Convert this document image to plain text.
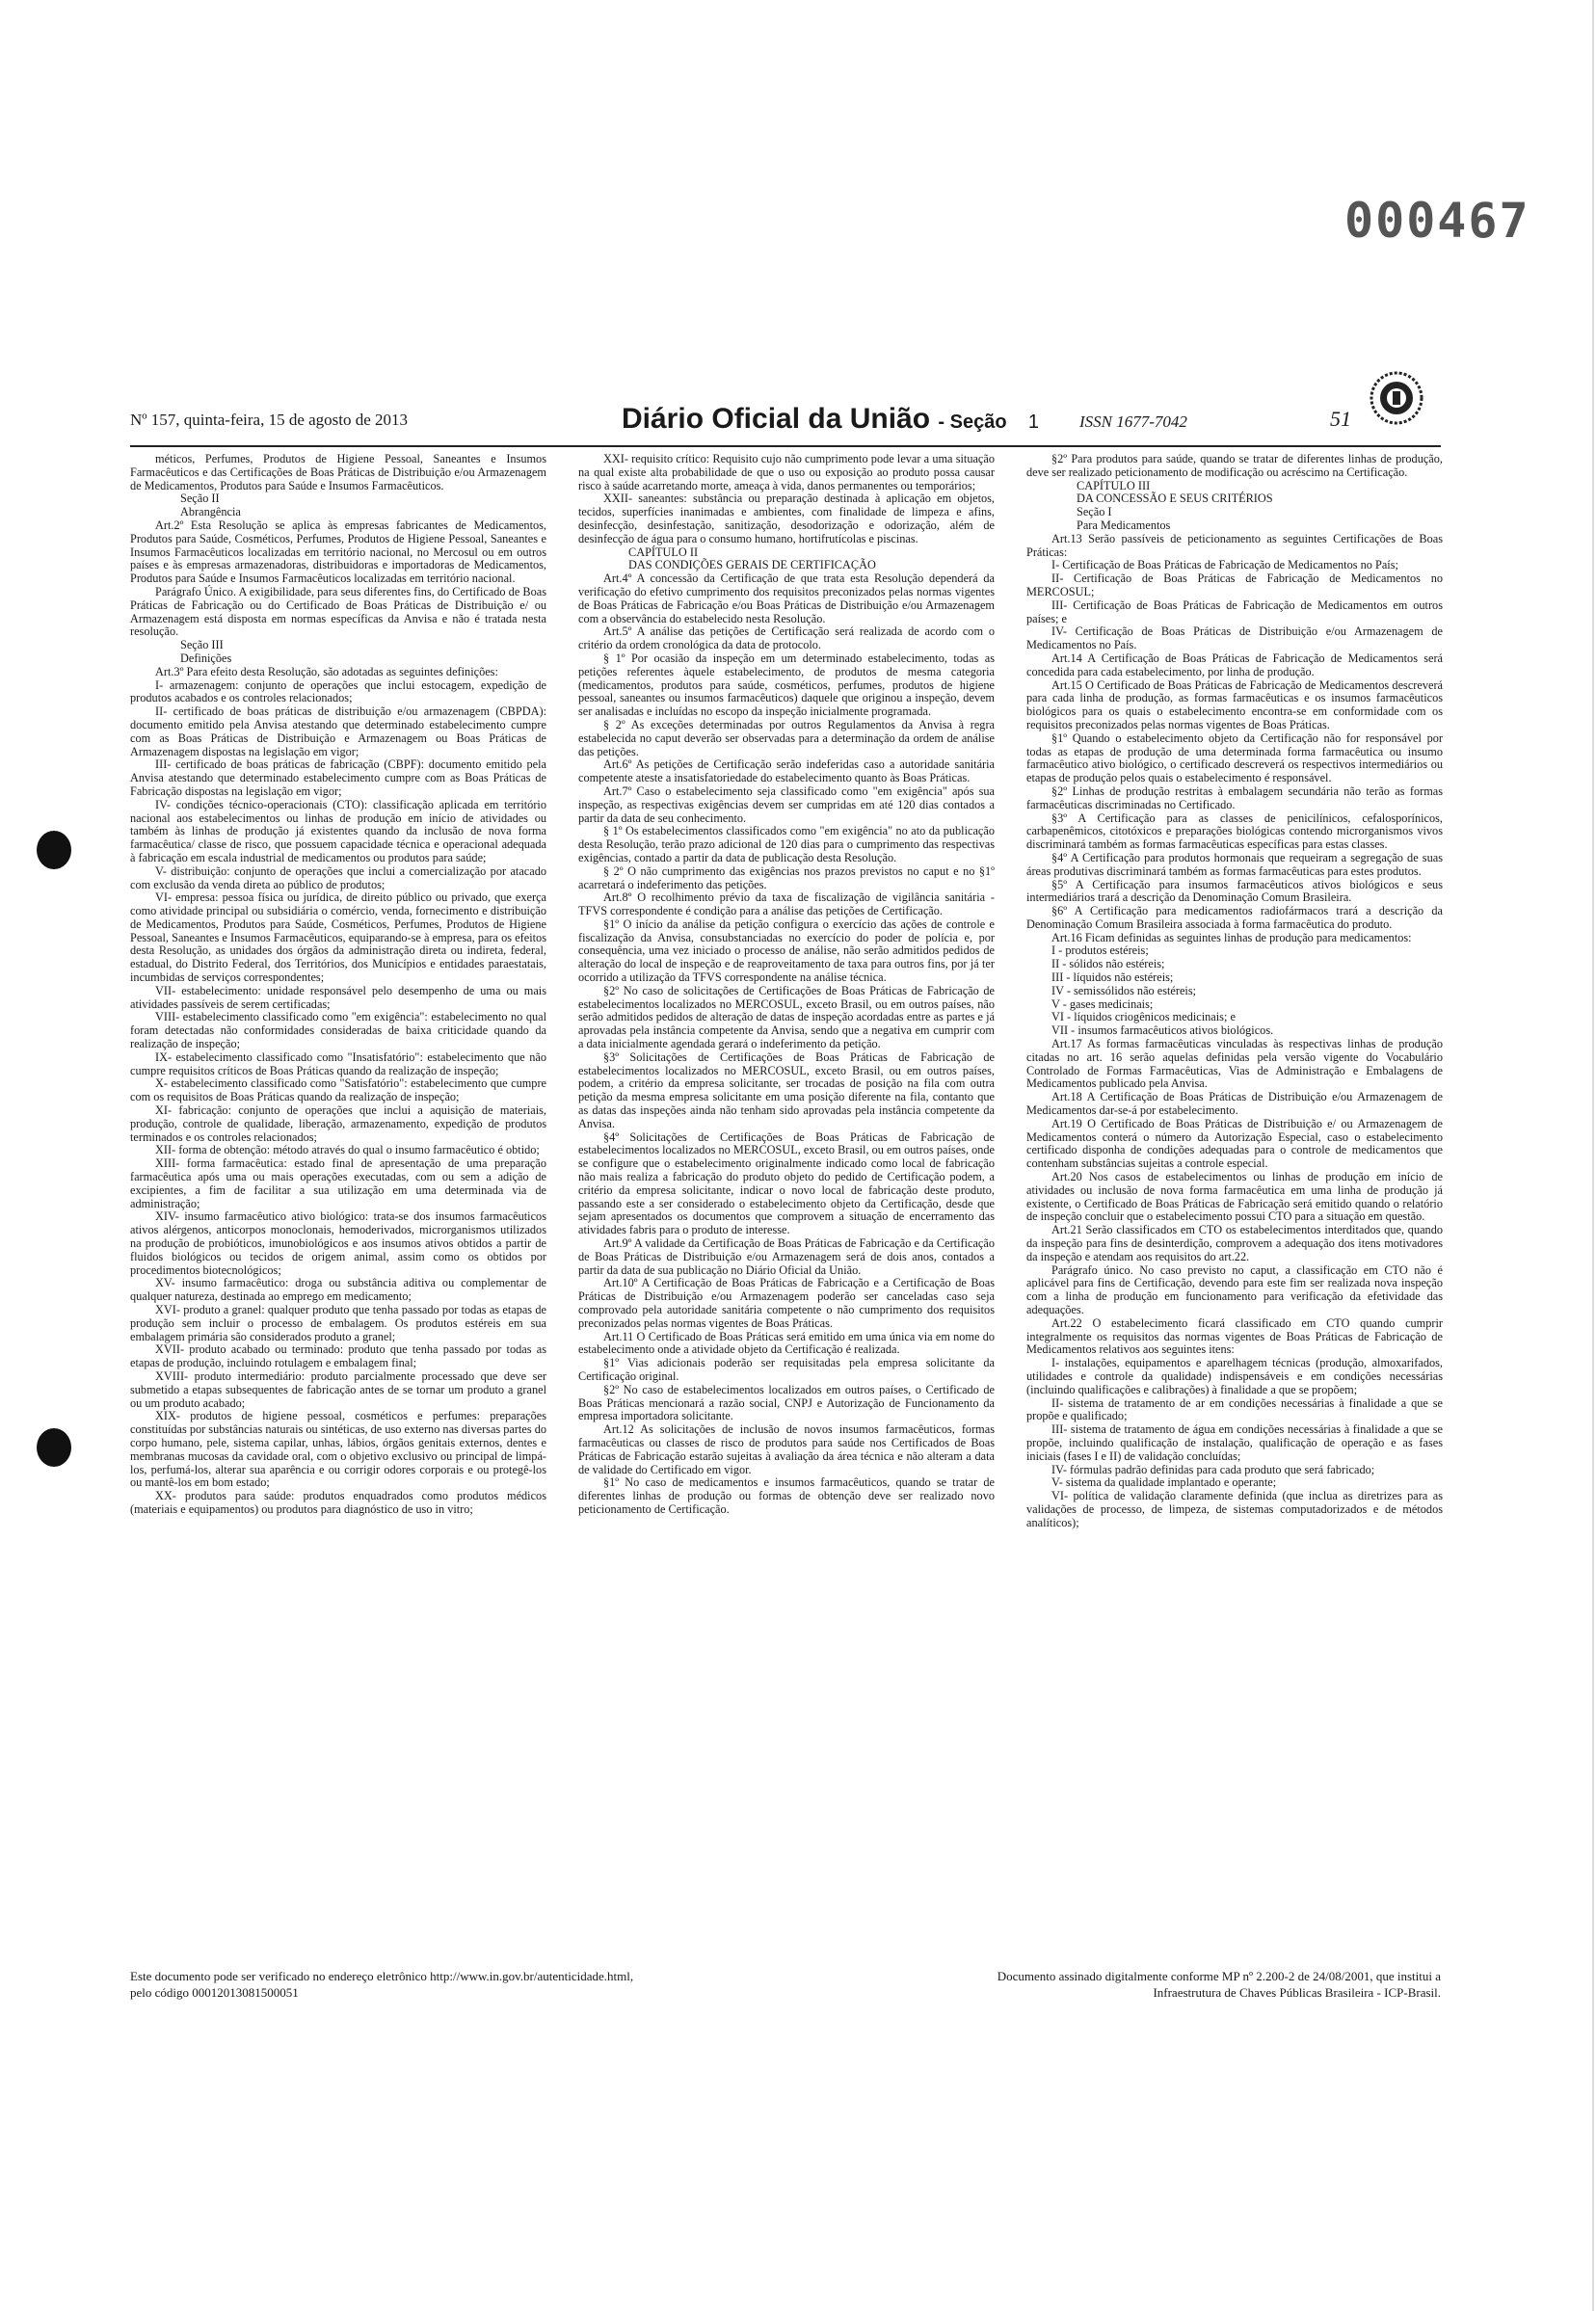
000467
Nº 157, quinta-feira, 15 de agosto de 2013	Diário Oficial da União - Seção 1 ISSN 1677-7042	51

méticos, Perfumes, Produtos de Higiene Pessoal, Saneantes e Insumos Farmacêuticos e das Certificações de Boas Práticas de Distribuição e/ou Armazenagem de Medicamentos, Produtos para Saúde e Insumos Farmacêuticos.

Seção II

Abrangência

Art.2º Esta Resolução se aplica às empresas fabricantes de Medicamentos, Produtos para Saúde, Cosméticos, Perfumes, Produtos de Higiene Pessoal, Saneantes e Insumos Farmacêuticos localizadas em território nacional, no Mercosul ou em outros países e às empresas armazenadoras, distribuidoras e importadoras de Medicamentos, Produtos para Saúde e Insumos Farmacêuticos localizadas em território nacional.

Parágrafo Único. A exigibilidade, para seus diferentes fins, do Certificado de Boas Práticas de Fabricação ou do Certificado de Boas Práticas de Distribuição e/ ou Armazenagem está disposta em normas específicas da Anvisa e não é tratada nesta resolução.

Seção III

Definições

Art.3º Para efeito desta Resolução, são adotadas as seguintes definições:

I- armazenagem: conjunto de operações que inclui estocagem, expedição de produtos acabados e os controles relacionados;

II- certificado de boas práticas de distribuição e/ou armazenagem (CBPDA): documento emitido pela Anvisa atestando que determinado estabelecimento cumpre com as Boas Práticas de Distribuição e Armazenagem ou Boas Práticas de Armazenagem dispostas na legislação em vigor;

III- certificado de boas práticas de fabricação (CBPF): documento emitido pela Anvisa atestando que determinado estabelecimento cumpre com as Boas Práticas de Fabricação dispostas na legislação em vigor;

IV- condições técnico-operacionais (CTO): classificação aplicada em território nacional aos estabelecimentos ou linhas de produção em início de atividades ou também às linhas de produção já existentes quando da inclusão de nova forma farmacêutica/ classe de risco, que possuem capacidade técnica e operacional adequada à fabricação em escala industrial de medicamentos ou produtos para saúde;

V- distribuição: conjunto de operações que inclui a comercialização por atacado com exclusão da venda direta ao público de produtos;

VI- empresa: pessoa física ou jurídica, de direito público ou privado, que exerça como atividade principal ou subsidiária o comércio, venda, fornecimento e distribuição de Medicamentos, Produtos para Saúde, Cosméticos, Perfumes, Produtos de Higiene Pessoal, Saneantes e Insumos Farmacêuticos, equiparando-se à empresa, para os efeitos desta Resolução, as unidades dos órgãos da administração direta ou indireta, federal, estadual, do Distrito Federal, dos Territórios, dos Municípios e entidades paraestatais, incumbidas de serviços correspondentes;

VII- estabelecimento: unidade responsável pelo desempenho de uma ou mais atividades passíveis de serem certificadas;

VIII- estabelecimento classificado como "em exigência": estabelecimento no qual foram detectadas não conformidades consideradas de baixa criticidade quando da realização de inspeção;

IX- estabelecimento classificado como "Insatisfatório": estabelecimento que não cumpre requisitos críticos de Boas Práticas quando da realização de inspeção;

X- estabelecimento classificado como "Satisfatório": estabelecimento que cumpre com os requisitos de Boas Práticas quando da realização de inspeção;

XI- fabricação: conjunto de operações que inclui a aquisição de materiais, produção, controle de qualidade, liberação, armazenamento, expedição de produtos terminados e os controles relacionados;

XII- forma de obtenção: método através do qual o insumo farmacêutico é obtido;

XIII- forma farmacêutica: estado final de apresentação de uma preparação farmacêutica após uma ou mais operações executadas, com ou sem a adição de excipientes, a fim de facilitar a sua utilização em uma determinada via de administração;

XIV- insumo farmacêutico ativo biológico: trata-se dos insumos farmacêuticos ativos alérgenos, anticorpos monoclonais, hemoderivados, microrganismos utilizados na produção de probióticos, imunobiológicos e aos insumos ativos obtidos a partir de fluidos biológicos ou tecidos de origem animal, assim como os obtidos por procedimentos biotecnológicos;

XV- insumo farmacêutico: droga ou substância aditiva ou complementar de qualquer natureza, destinada ao emprego em medicamento;

XVI- produto a granel: qualquer produto que tenha passado por todas as etapas de produção sem incluir o processo de embalagem. Os produtos estéreis em sua embalagem primária são considerados produto a granel;

XVII- produto acabado ou terminado: produto que tenha passado por todas as etapas de produção, incluindo rotulagem e embalagem final;

XVIII- produto intermediário: produto parcialmente processado que deve ser submetido a etapas subsequentes de fabricação antes de se tornar um produto a granel ou um produto acabado;

XIX- produtos de higiene pessoal, cosméticos e perfumes: preparações constituídas por substâncias naturais ou sintéticas, de uso externo nas diversas partes do corpo humano, pele, sistema capilar, unhas, lábios, órgãos genitais externos, dentes e membranas mucosas da cavidade oral, com o objetivo exclusivo ou principal de limpá-los, perfumá-los, alterar sua aparência e ou corrigir odores corporais e ou protegê-los ou mantê-los em bom estado;

XX- produtos para saúde: produtos enquadrados como produtos médicos (materiais e equipamentos) ou produtos para diagnóstico de uso in vitro;

XXI- requisito crítico: Requisito cujo não cumprimento pode levar a uma situação na qual existe alta probabilidade de que o uso ou exposição ao produto possa causar risco à saúde acarretando morte, ameaça à vida, danos permanentes ou temporários;

XXII- saneantes: substância ou preparação destinada à aplicação em objetos, tecidos, superfícies inanimadas e ambientes, com finalidade de limpeza e afins, desinfecção, desinfestação, sanitização, desodorização e odorização, além de desinfecção de água para o consumo humano, hortifrutícolas e piscinas.

CAPÍTULO II

DAS CONDIÇÕES GERAIS DE CERTIFICAÇÃO

Art.4º A concessão da Certificação de que trata esta Resolução dependerá da verificação do efetivo cumprimento dos requisitos preconizados pelas normas vigentes de Boas Práticas de Fabricação e/ou Boas Práticas de Distribuição e/ou Armazenagem com a observância do estabelecido nesta Resolução.

Art.5º A análise das petições de Certificação será realizada de acordo com o critério da ordem cronológica da data de protocolo.

§ 1º Por ocasião da inspeção em um determinado estabelecimento, todas as petições referentes àquele estabelecimento, de produtos de mesma categoria (medicamentos, produtos para saúde, cosméticos, perfumes, produtos de higiene pessoal, saneantes ou insumos farmacêuticos) daquele que originou a inspeção, devem ser analisadas e incluídas no escopo da inspeção inicialmente programada.

§ 2º As exceções determinadas por outros Regulamentos da Anvisa à regra estabelecida no caput deverão ser observadas para a determinação da ordem de análise das petições.

Art.6º As petições de Certificação serão indeferidas caso a autoridade sanitária competente ateste a insatisfatoriedade do estabelecimento quanto às Boas Práticas.

Art.7º Caso o estabelecimento seja classificado como "em exigência" após sua inspeção, as respectivas exigências devem ser cumpridas em até 120 dias contados a partir da data de seu conhecimento.

§ 1º Os estabelecimentos classificados como "em exigência" no ato da publicação desta Resolução, terão prazo adicional de 120 dias para o cumprimento das respectivas exigências, contado a partir da data de publicação desta Resolução.

§ 2º O não cumprimento das exigências nos prazos previstos no caput e no §1º acarretará o indeferimento das petições.

Art.8º O recolhimento prévio da taxa de fiscalização de vigilância sanitária - TFVS correspondente é condição para a análise das petições de Certificação.

§1º O início da análise da petição configura o exercício das ações de controle e fiscalização da Anvisa, consubstanciadas no exercício do poder de polícia e, por consequência, uma vez iniciado o processo de análise, não serão admitidos pedidos de alteração do local de inspeção e de reaproveitamento de taxa para outros fins, por já ter ocorrido a utilização da TFVS correspondente na análise técnica.

§2º No caso de solicitações de Certificações de Boas Práticas de Fabricação de estabelecimentos localizados no MERCOSUL, exceto Brasil, ou em outros países, não serão admitidos pedidos de alteração de datas de inspeção acordadas entre as partes e já aprovadas pela instância competente da Anvisa, sendo que a negativa em cumprir com a data inicialmente agendada gerará o indeferimento da petição.

§3º Solicitações de Certificações de Boas Práticas de Fabricação de estabelecimentos localizados no MERCOSUL, exceto Brasil, ou em outros países, podem, a critério da empresa solicitante, ser trocadas de posição na fila com outra petição da mesma empresa solicitante em uma posição diferente na fila, contanto que as datas das inspeções ainda não tenham sido aprovadas pela instância competente da Anvisa.

§4º Solicitações de Certificações de Boas Práticas de Fabricação de estabelecimentos localizados no MERCOSUL, exceto Brasil, ou em outros países, onde se configure que o estabelecimento originalmente indicado como local de fabricação não mais realiza a fabricação do produto objeto do pedido de Certificação podem, a critério da empresa solicitante, indicar o novo local de fabricação deste produto, passando este a ser considerado o estabelecimento objeto da Certificação, desde que sejam apresentados os documentos que comprovem a situação de encerramento das atividades fabris para o produto de interesse.

Art.9º A validade da Certificação de Boas Práticas de Fabricação e da Certificação de Boas Práticas de Distribuição e/ou Armazenagem será de dois anos, contados a partir da data de sua publicação no Diário Oficial da União.

Art.10º A Certificação de Boas Práticas de Fabricação e a Certificação de Boas Práticas de Distribuição e/ou Armazenagem poderão ser canceladas caso seja comprovado pela autoridade sanitária competente o não cumprimento dos requisitos preconizados pelas normas vigentes de Boas Práticas.

Art.11 O Certificado de Boas Práticas será emitido em uma única via em nome do estabelecimento onde a atividade objeto da Certificação é realizada.

§1º Vias adicionais poderão ser requisitadas pela empresa solicitante da Certificação original.

§2º No caso de estabelecimentos localizados em outros países, o Certificado de Boas Práticas mencionará a razão social, CNPJ e Autorização de Funcionamento da empresa importadora solicitante.

Art.12 As solicitações de inclusão de novos insumos farmacêuticos, formas farmacêuticas ou classes de risco de produtos para saúde nos Certificados de Boas Práticas de Fabricação estarão sujeitas à avaliação da área técnica e não alteram a data de validade do Certificado em vigor.

§1º No caso de medicamentos e insumos farmacêuticos, quando se tratar de diferentes linhas de produção ou formas de obtenção deve ser realizado novo peticionamento de Certificação.

§2º Para produtos para saúde, quando se tratar de diferentes linhas de produção, deve ser realizado peticionamento de modificação ou acréscimo na Certificação.

CAPÍTULO III

DA CONCESSÃO E SEUS CRITÉRIOS

Seção I

Para Medicamentos

Art.13 Serão passíveis de peticionamento as seguintes Certificações de Boas Práticas:

I- Certificação de Boas Práticas de Fabricação de Medicamentos no País;

II- Certificação de Boas Práticas de Fabricação de Medicamentos no MERCOSUL;

III- Certificação de Boas Práticas de Fabricação de Medicamentos em outros países; e

IV- Certificação de Boas Práticas de Distribuição e/ou Armazenagem de Medicamentos no País.

Art.14 A Certificação de Boas Práticas de Fabricação de Medicamentos será concedida para cada estabelecimento, por linha de produção.

Art.15 O Certificado de Boas Práticas de Fabricação de Medicamentos descreverá para cada linha de produção, as formas farmacêuticas e os insumos farmacêuticos biológicos para os quais o estabelecimento encontra-se em conformidade com os requisitos preconizados pelas normas vigentes de Boas Práticas.

§1º Quando o estabelecimento objeto da Certificação não for responsável por todas as etapas de produção de uma determinada forma farmacêutica ou insumo farmacêutico ativo biológico, o certificado descreverá os respectivos intermediários ou etapas de produção pelos quais o estabelecimento é responsável.

§2º Linhas de produção restritas à embalagem secundária não terão as formas farmacêuticas discriminadas no Certificado.

§3º A Certificação para as classes de penicilínicos, cefalosporínicos, carbapenêmicos, citotóxicos e preparações biológicas contendo microrganismos vivos discriminará também as formas farmacêuticas específicas para estas classes.

§4º A Certificação para produtos hormonais que requeiram a segregação de suas áreas produtivas discriminará também as formas farmacêuticas para estes produtos.

§5º A Certificação para insumos farmacêuticos ativos biológicos e seus intermediários trará a descrição da Denominação Comum Brasileira.

§6º A Certificação para medicamentos radiofármacos trará a descrição da Denominação Comum Brasileira associada à forma farmacêutica do produto.

Art.16 Ficam definidas as seguintes linhas de produção para medicamentos:

I - produtos estéreis;

II - sólidos não estéreis;

III - líquidos não estéreis;

IV - semissólidos não estéreis;

V - gases medicinais;

VI - líquidos criogênicos medicinais; e

VII - insumos farmacêuticos ativos biológicos.

Art.17 As formas farmacêuticas vinculadas às respectivas linhas de produção citadas no art. 16 serão aquelas definidas pela versão vigente do Vocabulário Controlado de Formas Farmacêuticas, Vias de Administração e Embalagens de Medicamentos publicado pela Anvisa.

Art.18 A Certificação de Boas Práticas de Distribuição e/ou Armazenagem de Medicamentos dar-se-á por estabelecimento.

Art.19 O Certificado de Boas Práticas de Distribuição e/ ou Armazenagem de Medicamentos conterá o número da Autorização Especial, caso o estabelecimento certificado disponha de condições adequadas para o controle de medicamentos que contenham substâncias sujeitas a controle especial.

Art.20 Nos casos de estabelecimentos ou linhas de produção em início de atividades ou inclusão de nova forma farmacêutica em uma linha de produção já existente, o Certificado de Boas Práticas de Fabricação será emitido quando o relatório de inspeção concluir que o estabelecimento possui CTO para a situação em questão.

Art.21 Serão classificados em CTO os estabelecimentos interditados que, quando da inspeção para fins de desinterdição, comprovem a adequação dos itens motivadores da inspeção e atendam aos requisitos do art.22.

Parágrafo único. No caso previsto no caput, a classificação em CTO não é aplicável para fins de Certificação, devendo para este fim ser realizada nova inspeção com a linha de produção em funcionamento para verificação da efetividade das adequações.

Art.22 O estabelecimento ficará classificado em CTO quando cumprir integralmente os requisitos das normas vigentes de Boas Práticas de Fabricação de Medicamentos relativos aos seguintes itens:

I- instalações, equipamentos e aparelhagem técnicas (produção, almoxarifados, utilidades e controle da qualidade) indispensáveis e em condições necessárias (incluindo qualificações e calibrações) à finalidade a que se propõem;

II- sistema de tratamento de ar em condições necessárias à finalidade a que se propõe e qualificado;

III- sistema de tratamento de água em condições necessárias à finalidade a que se propõe, incluindo qualificação de instalação, qualificação de operação e as fases iniciais (fases I e II) de validação concluídas;

IV- fórmulas padrão definidas para cada produto que será fabricado;

V- sistema da qualidade implantado e operante;

VI- política de validação claramente definida (que inclua as diretrizes para as validações de processo, de limpeza, de sistemas computadorizados e de métodos analíticos);

Este documento pode ser verificado no endereço eletrônico http://www.in.gov.br/autenticidade.html,
pelo código 00012013081500051
Documento assinado digitalmente conforme MP nº 2.200-2 de 24/08/2001, que institui a
Infraestrutura de Chaves Públicas Brasileira - ICP-Brasil.
